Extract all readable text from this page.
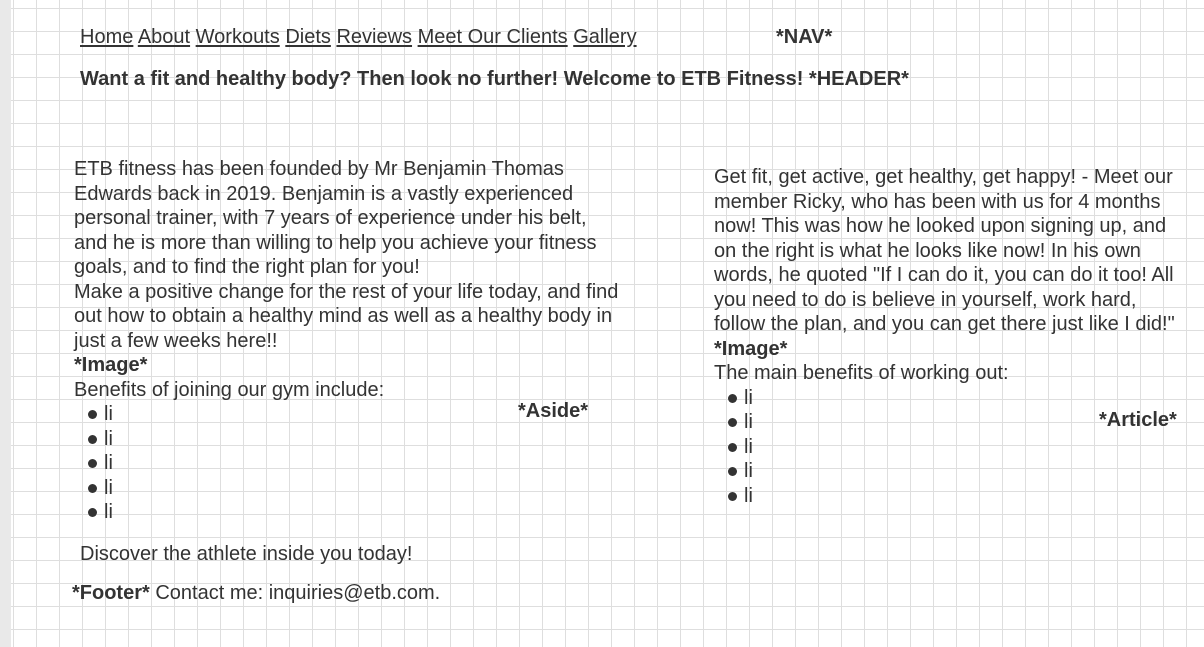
Home About Workouts Diets Reviews Meet Our Clients Gallery	*NAV*
Want a fit and healthy body? Then look no further! Welcome to ETB Fitness! *HEADER*

ETB fitness has been founded by Mr Benjamin Thomas Edwards back in 2019. Benjamin is a vastly experienced personal trainer, with 7 years of experience under his belt, and he is more than willing to help you achieve your fitness goals, and to find the right plan for you!

Make a positive change for the rest of your life today, and find out how to obtain a healthy mind as well as a healthy body in just a few weeks here!!

*Image*

Benefits of joining our gym include:

li
li
li
li
li
*Aside*

Get fit, get active, get healthy, get happy! - Meet our member Ricky, who has been with us for 4 months now! This was how he looked upon signing up, and on the right is what he looks like now! In his own words, he quoted "If I can do it, you can do it too! All you need to do is believe in yourself, work hard, follow the plan, and you can get there just like I did!"

*Image*

The main benefits of working out:

li
li
li
li
li
*Article*
Discover the athlete inside you today!
*Footer* Contact me: inquiries@etb.com.
